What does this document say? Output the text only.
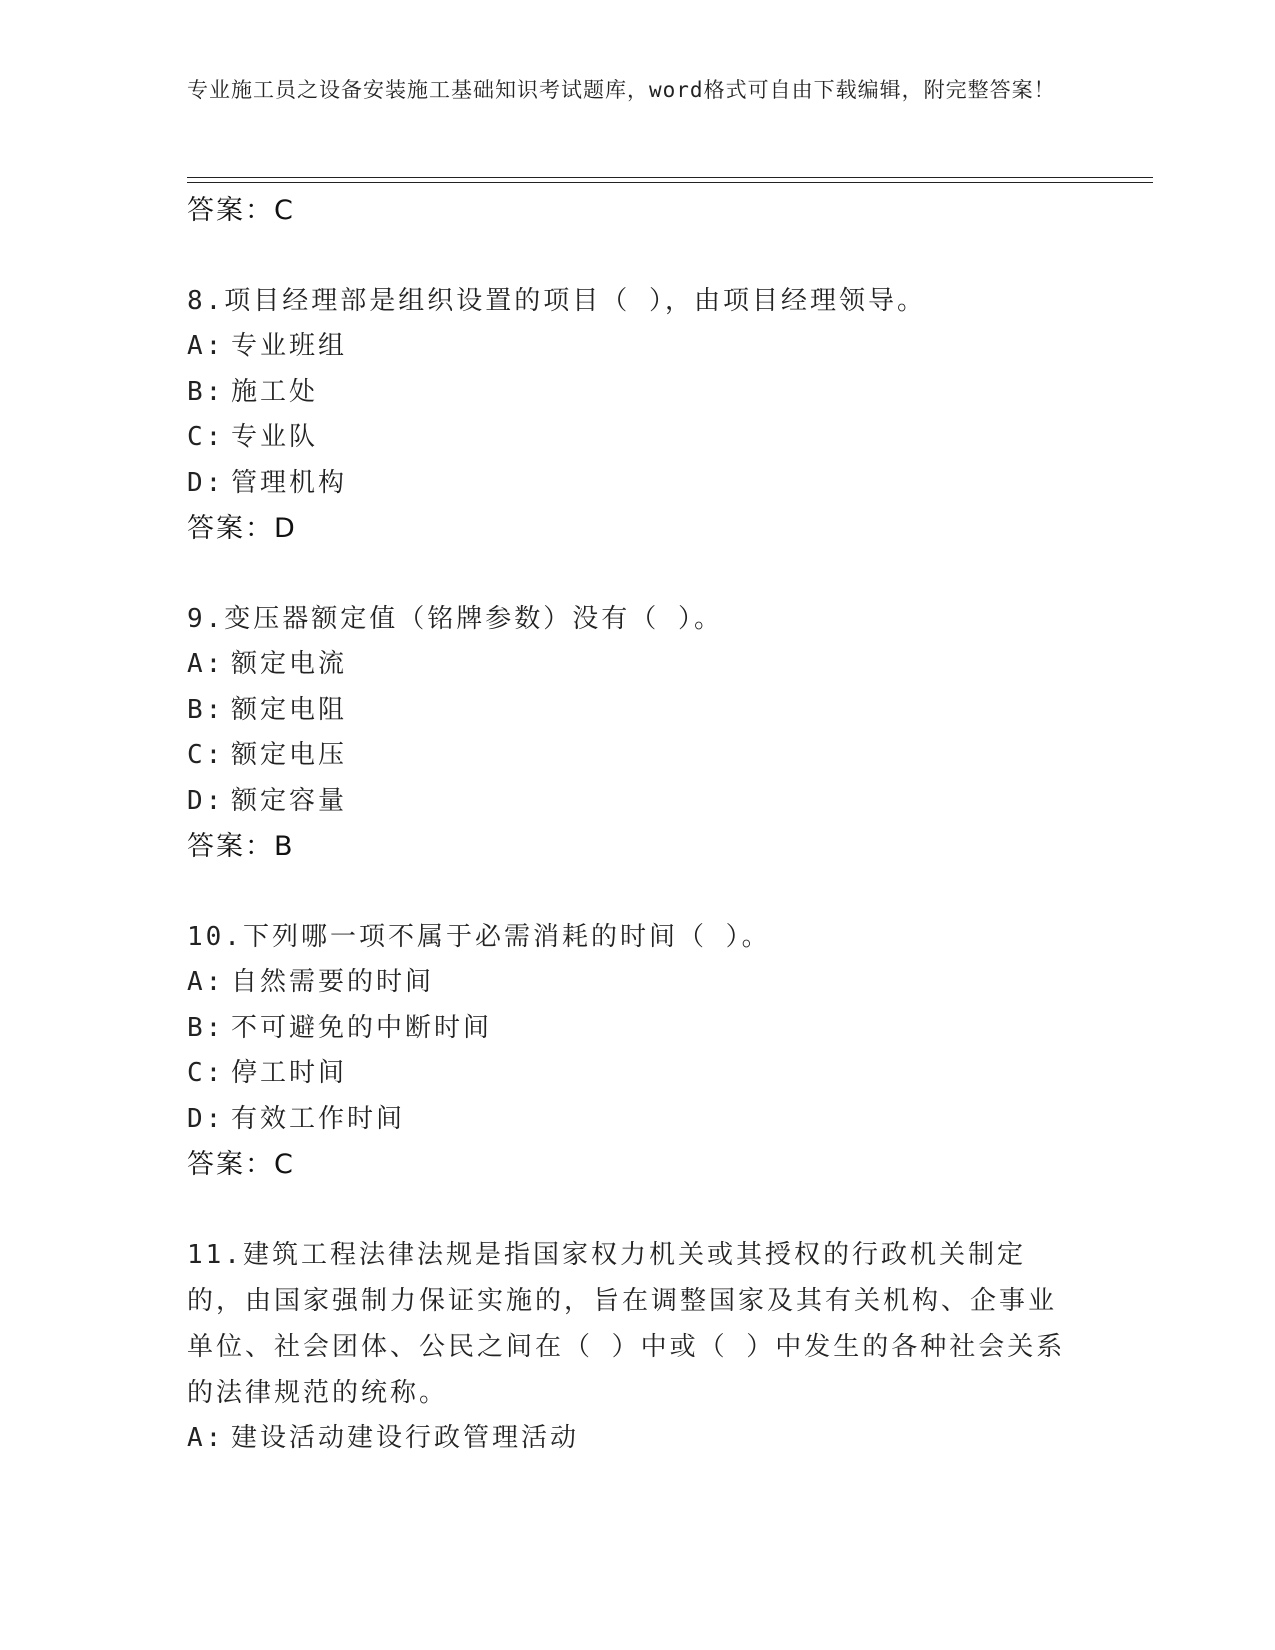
专业施工员之设备安装施工基础知识考试题库，word格式可自由下载编辑，附完整答案！
答案：C
8.项目经理部是组织设置的项目（ ），由项目经理领导。
A: 专业班组
B: 施工处
C: 专业队
D: 管理机构
答案：D
9.变压器额定值（铭牌参数）没有（ ）。
A: 额定电流
B: 额定电阻
C: 额定电压
D: 额定容量
答案：B
10.下列哪一项不属于必需消耗的时间（ ）。
A: 自然需要的时间
B: 不可避免的中断时间
C: 停工时间
D: 有效工作时间
答案：C
11.建筑工程法律法规是指国家权力机关或其授权的行政机关制定的，由国家强制力保证实施的，旨在调整国家及其有关机构、企事业单位、社会团体、公民之间在（ ）中或（ ）中发生的各种社会关系的法律规范的统称。
A: 建设活动建设行政管理活动
